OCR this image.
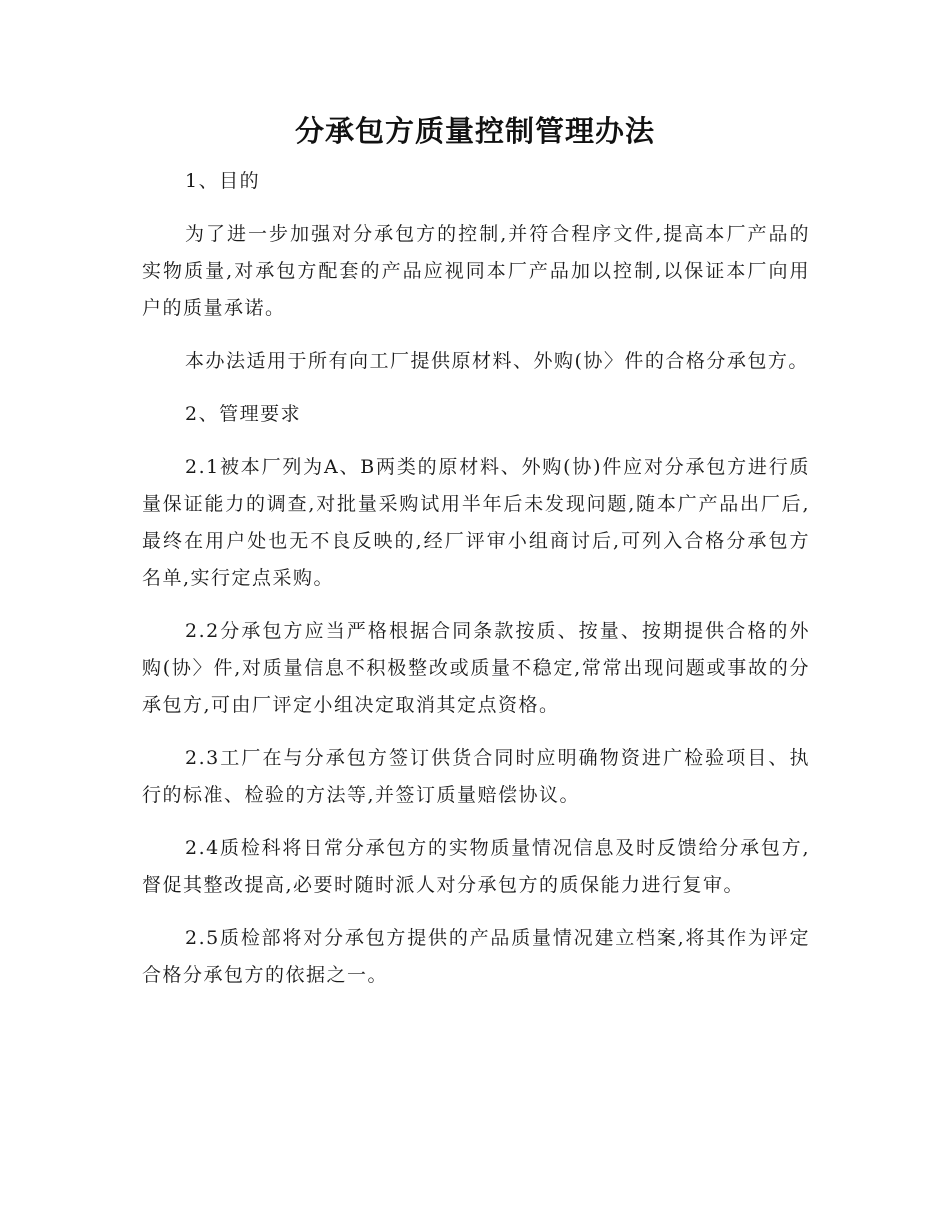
分承包方质量控制管理办法

1、目的

为了进一步加强对分承包方的控制,并符合程序文件,提高本厂产品的实物质量,对承包方配套的产品应视同本厂产品加以控制,以保证本厂向用户的质量承诺。

本办法适用于所有向工厂提供原材料、外购(协〉件的合格分承包方。

2、管理要求

2.1被本厂列为A、B两类的原材料、外购(协)件应对分承包方进行质量保证能力的调查,对批量采购试用半年后未发现问题,随本广产品出厂后,最终在用户处也无不良反映的,经厂评审小组商讨后,可列入合格分承包方名单,实行定点采购。

2.2分承包方应当严格根据合同条款按质、按量、按期提供合格的外购(协〉件,对质量信息不积极整改或质量不稳定,常常出现问题或事故的分承包方,可由厂评定小组决定取消其定点资格。

2.3工厂在与分承包方签订供货合同时应明确物资进广检验项目、执行的标准、检验的方法等,并签订质量赔偿协议。

2.4质检科将日常分承包方的实物质量情况信息及时反馈给分承包方,督促其整改提高,必要时随时派人对分承包方的质保能力进行复审。

2.5质检部将对分承包方提供的产品质量情况建立档案,将其作为评定合格分承包方的依据之一。
